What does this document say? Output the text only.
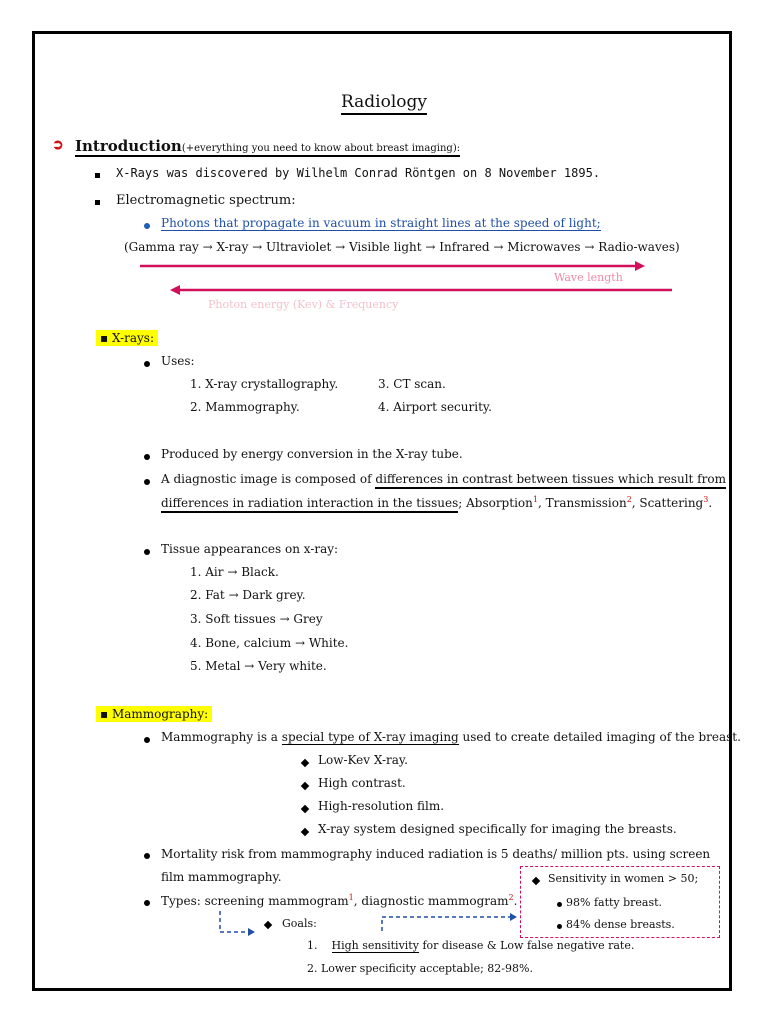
Radiology
➲ Introduction(+everything you need to know about breast imaging):
X-Rays was discovered by Wilhelm Conrad Röntgen on 8 November 1895.
Electromagnetic spectrum:
Photons that propagate in vacuum in straight lines at the speed of light;
(Gamma ray → X-ray → Ultraviolet → Visible light → Infrared → Microwaves → Radio-waves)
Wave length
Photon energy (Kev) & Frequency
▪ X-rays:
Uses:
1. X-ray crystallography.
2. Mammography.
3. CT scan.
4. Airport security.
Produced by energy conversion in the X-ray tube.
A diagnostic image is composed of differences in contrast between tissues which result from
differences in radiation interaction in the tissues; Absorption$^1$, Transmission$^2$, Scattering$^3$.
Tissue appearances on x-ray:
1. Air → Black.
2. Fat → Dark grey.
3. Soft tissues → Grey
4. Bone, calcium → White.
5. Metal → Very white.
▪ Mammography:
Mammography is a special type of X-ray imaging used to create detailed imaging of the breast.
Low-Kev X-ray.
High contrast.
High-resolution film.
X-ray system designed specifically for imaging the breasts.
Mortality risk from mammography induced radiation is 5 deaths/ million pts. using screen
film mammography.
Types: screening mammogram$^1$, diagnostic mammogram$^2$.
Goals:
1. High sensitivity for disease & Low false negative rate.
2. Lower specificity acceptable; 82-98%.
Sensitivity in women > 50;
98% fatty breast.
84% dense breasts.
